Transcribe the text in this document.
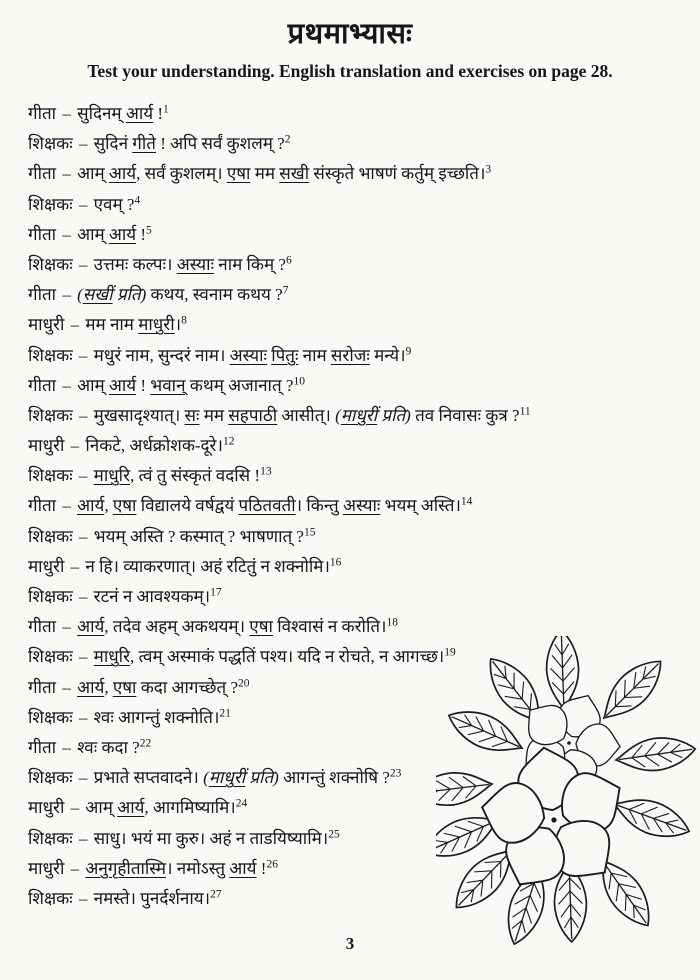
प्रथमाभ्यासः
Test your understanding. English translation and exercises on page 28.
गीता – सुदिनम् आर्य !$^1$
शिक्षकः – सुदिनं गीते ! अपि सर्वं कुशलम् ?$^2$
गीता – आम् आर्य, सर्वं कुशलम्। एषा मम सखी संस्कृते भाषणं कर्तुम् इच्छति।$^3$
शिक्षकः – एवम् ?$^4$
गीता – आम् आर्य !$^5$
शिक्षकः – उत्तमः कल्पः। अस्याः नाम किम् ?$^6$
गीता – (सखीं प्रति) कथय, स्वनाम कथय ?$^7$
माधुरी – मम नाम माधुरी।$^8$
शिक्षकः – मधुरं नाम, सुन्दरं नाम। अस्याः पितुः नाम सरोजः मन्ये।$^9$
गीता – आम् आर्य ! भवान् कथम् अजानात् ?$^{10}$
शिक्षकः – मुखसादृश्यात्। सः मम सहपाठी आसीत्। (माधुरीं प्रति) तव निवासः कुत्र ?$^{11}$
माधुरी – निकटे, अर्धक्रोशक-दूरे।$^{12}$
शिक्षकः – माधुरि, त्वं तु संस्कृतं वदसि !$^{13}$
गीता – आर्य, एषा विद्यालये वर्षद्वयं पठितवती। किन्तु अस्याः भयम् अस्ति।$^{14}$
शिक्षकः – भयम् अस्ति ? कस्मात् ? भाषणात् ?$^{15}$
माधुरी – न हि। व्याकरणात्। अहं रटितुं न शक्नोमि।$^{16}$
शिक्षकः – रटनं न आवश्यकम्।$^{17}$
गीता – आर्य, तदेव अहम् अकथयम्। एषा विश्वासं न करोति।$^{18}$
शिक्षकः – माधुरि, त्वम् अस्माकं पद्धतिं पश्य। यदि न रोचते, न आगच्छ।$^{19}$
गीता – आर्य, एषा कदा आगच्छेत् ?$^{20}$
शिक्षकः – श्वः आगन्तुं शक्नोति।$^{21}$
गीता – श्वः कदा ?$^{22}$
शिक्षकः – प्रभाते सप्तवादने। (माधुरीं प्रति) आगन्तुं शक्नोषि ?$^{23}$
माधुरी – आम् आर्य, आगमिष्यामि।$^{24}$
शिक्षकः – साधु। भयं मा कुरु। अहं न ताडयिष्यामि।$^{25}$
माधुरी – अनुगृहीतास्मि। नमोऽस्तु आर्य !$^{26}$
शिक्षकः – नमस्ते। पुनर्दर्शनाय।$^{27}$
3
